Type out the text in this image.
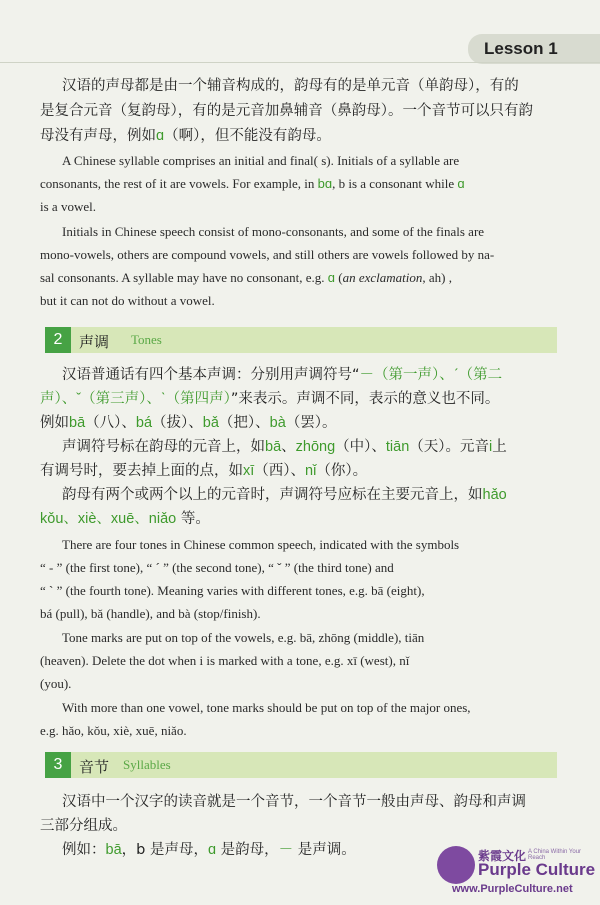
Lesson 1
汉语的声母都是由一个辅音构成的，韵母有的是单元音（单韵母），有的
是复合元音（复韵母），有的是元音加鼻辅音（鼻韵母）。一个音节可以只有韵
母没有声母，例如ɑ（啊），但不能没有韵母。
A Chinese syllable comprises an initial and final( s). Initials of a syllable are
consonants, the rest of it are vowels. For example, in bɑ, b is a consonant while ɑ
is a vowel.
Initials in Chinese speech consist of mono-consonants, and some of the finals are
mono-vowels, others are compound vowels, and still others are vowels followed by na-
sal consonants. A syllable may have no consonant, e.g. ɑ (an exclamation, ah) ,
but it can not do without a vowel.
2	声调 Tones
汉语普通话有四个基本声调：分别用声调符号“－（第一声）、ˊ（第二
声）、ˇ（第三声）、ˋ（第四声）”来表示。声调不同，表示的意义也不同。
例如bā（八）、bá（拔）、bǎ（把）、bà（罢）。
声调符号标在韵母的元音上，如bā、zhōng（中）、tiān（天）。元音i上
有调号时，要去掉上面的点，如xī（西）、nǐ（你）。
韵母有两个或两个以上的元音时，声调符号应标在主要元音上，如hǎo
kǒu、xiè、xuē、niǎo 等。
There are four tones in Chinese common speech, indicated with the symbols
“ - ” (the first tone), “ ˊ ” (the second tone), “ ˇ ” (the third tone) and
“ ˋ ” (the fourth tone). Meaning varies with different tones, e.g. bā (eight),
bá (pull), bǎ (handle), and bà (stop/finish).
Tone marks are put on top of the vowels, e.g. bā, zhōng (middle), tiān
(heaven). Delete the dot when i is marked with a tone, e.g. xī (west), nǐ
(you).
With more than one vowel, tone marks should be put on top of the major ones,
e.g. hǎo, kǒu, xiè, xuē, niǎo.
3	音节 Syllables
汉语中一个汉字的读音就是一个音节，一个音节一般由声母、韵母和声调
三部分组成。
例如：bā，b 是声母，ɑ 是韵母，－ 是声调。	紫霞文化 A China Within Your Reach
Purple Culture
www.PurpleCulture.net
